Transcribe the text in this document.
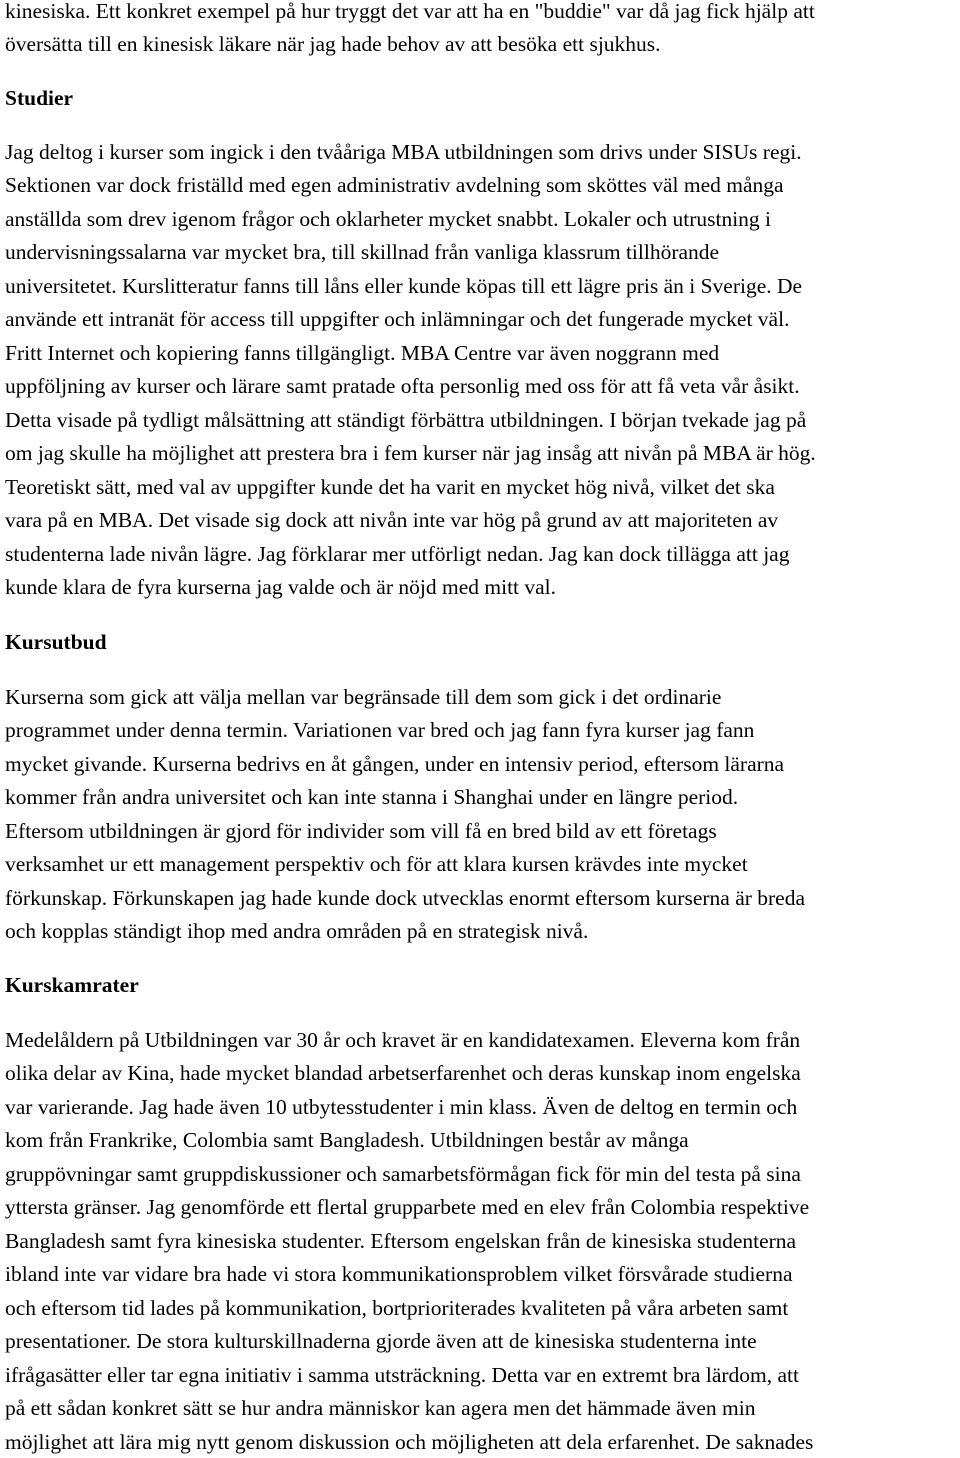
kinesiska. Ett konkret exempel på hur tryggt det var att ha en "buddie" var då jag fick hjälp att
översätta till en kinesisk läkare när jag hade behov av att besöka ett sjukhus.
Studier
Jag deltog i kurser som ingick i den tvååriga MBA utbildningen som drivs under SISUs regi.
Sektionen var dock friställd med egen administrativ avdelning som sköttes väl med många
anställda som drev igenom frågor och oklarheter mycket snabbt. Lokaler och utrustning i
undervisningssalarna var mycket bra, till skillnad från vanliga klassrum tillhörande
universitetet. Kurslitteratur fanns till låns eller kunde köpas till ett lägre pris än i Sverige. De
använde ett intranät för access till uppgifter och inlämningar och det fungerade mycket väl.
Fritt Internet och kopiering fanns tillgängligt. MBA Centre var även noggrann med
uppföljning av kurser och lärare samt pratade ofta personlig med oss för att få veta vår åsikt.
Detta visade på tydligt målsättning att ständigt förbättra utbildningen. I början tvekade jag på
om jag skulle ha möjlighet att prestera bra i fem kurser när jag insåg att nivån på MBA är hög.
Teoretiskt sätt, med val av uppgifter kunde det ha varit en mycket hög nivå, vilket det ska
vara på en MBA. Det visade sig dock att nivån inte var hög på grund av att majoriteten av
studenterna lade nivån lägre. Jag förklarar mer utförligt nedan. Jag kan dock tillägga att jag
kunde klara de fyra kurserna jag valde och är nöjd med mitt val.
Kursutbud
Kurserna som gick att välja mellan var begränsade till dem som gick i det ordinarie
programmet under denna termin. Variationen var bred och jag fann fyra kurser jag fann
mycket givande. Kurserna bedrivs en åt gången, under en intensiv period, eftersom lärarna
kommer från andra universitet och kan inte stanna i Shanghai under en längre period.
Eftersom utbildningen är gjord för individer som vill få en bred bild av ett företags
verksamhet ur ett management perspektiv och för att klara kursen krävdes inte mycket
förkunskap. Förkunskapen jag hade kunde dock utvecklas enormt eftersom kurserna är breda
och kopplas ständigt ihop med andra områden på en strategisk nivå.
Kurskamrater
Medelåldern på Utbildningen var 30 år och kravet är en kandidatexamen. Eleverna kom från
olika delar av Kina, hade mycket blandad arbetserfarenhet och deras kunskap inom engelska
var varierande. Jag hade även 10 utbytesstudenter i min klass. Även de deltog en termin och
kom från Frankrike, Colombia samt Bangladesh. Utbildningen består av många
gruppövningar samt gruppdiskussioner och samarbetsförmågan fick för min del testa på sina
yttersta gränser. Jag genomförde ett flertal grupparbete med en elev från Colombia respektive
Bangladesh samt fyra kinesiska studenter. Eftersom engelskan från de kinesiska studenterna
ibland inte var vidare bra hade vi stora kommunikationsproblem vilket försvårade studierna
och eftersom tid lades på kommunikation, bortprioriterades kvaliteten på våra arbeten samt
presentationer. De stora kulturskillnaderna gjorde även att de kinesiska studenterna inte
ifrågasätter eller tar egna initiativ i samma utsträckning. Detta var en extremt bra lärdom, att
på ett sådan konkret sätt se hur andra människor kan agera men det hämmade även min
möjlighet att lära mig nytt genom diskussion och möjligheten att dela erfarenhet. De saknades
